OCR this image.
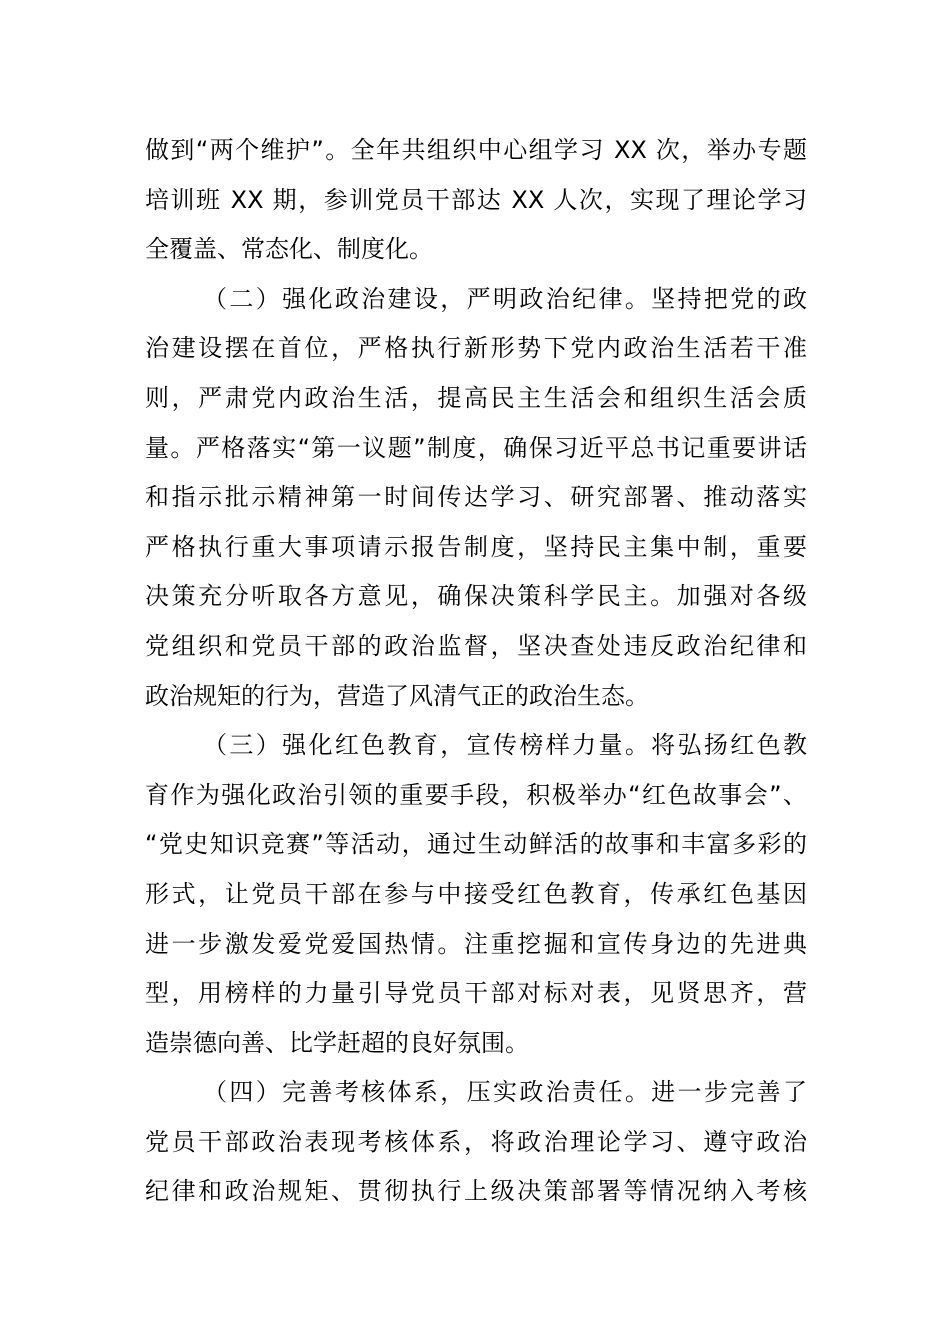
做到“两个维护”。全年共组织中心组学习 XX 次，举办专题
培训班 XX 期，参训党员干部达 XX 人次，实现了理论学习
全覆盖、常态化、制度化。
（二）强化政治建设，严明政治纪律。坚持把党的政
治建设摆在首位，严格执行新形势下党内政治生活若干准
则，严肃党内政治生活，提高民主生活会和组织生活会质
量。严格落实“第一议题”制度，确保习近平总书记重要讲话
和指示批示精神第一时间传达学习、研究部署、推动落实
严格执行重大事项请示报告制度，坚持民主集中制，重要
决策充分听取各方意见，确保决策科学民主。加强对各级
党组织和党员干部的政治监督，坚决查处违反政治纪律和
政治规矩的行为，营造了风清气正的政治生态。
（三）强化红色教育，宣传榜样力量。将弘扬红色教
育作为强化政治引领的重要手段，积极举办“红色故事会”、
“党史知识竞赛”等活动，通过生动鲜活的故事和丰富多彩的
形式，让党员干部在参与中接受红色教育，传承红色基因
进一步激发爱党爱国热情。注重挖掘和宣传身边的先进典
型，用榜样的力量引导党员干部对标对表，见贤思齐，营
造崇德向善、比学赶超的良好氛围。
（四）完善考核体系，压实政治责任。进一步完善了
党员干部政治表现考核体系，将政治理论学习、遵守政治
纪律和政治规矩、贯彻执行上级决策部署等情况纳入考核
